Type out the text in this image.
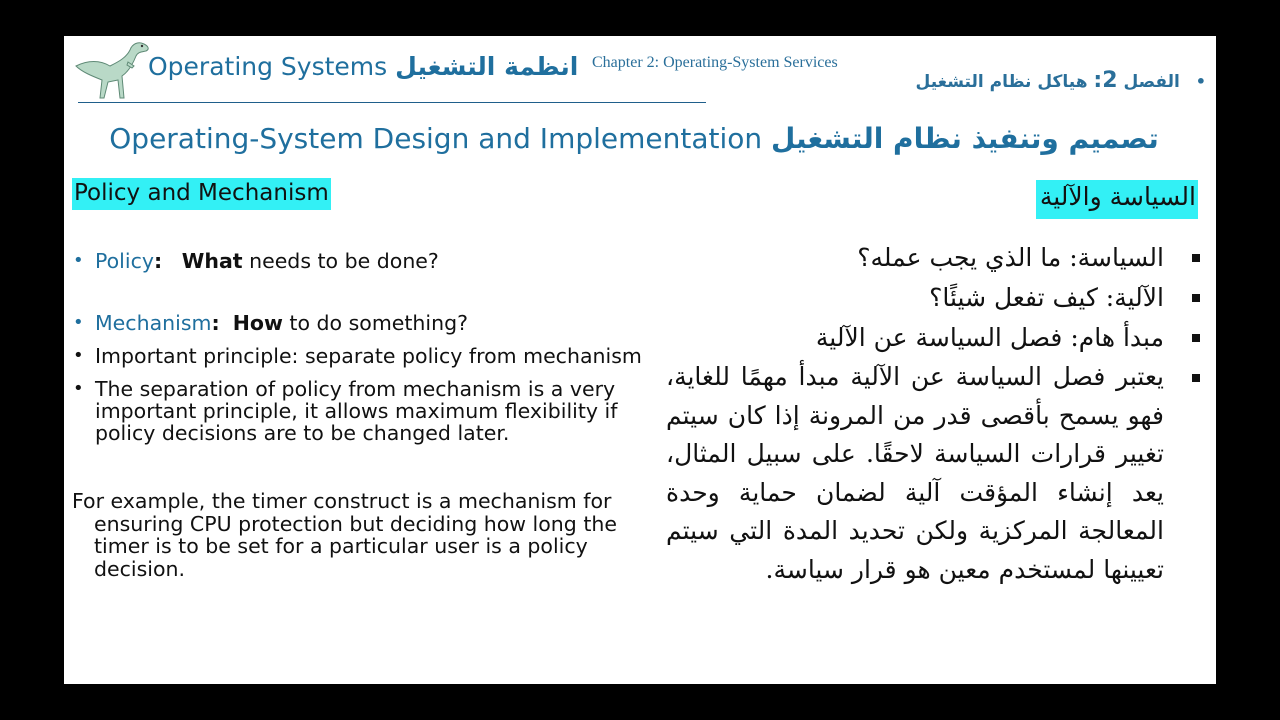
Operating Systems انظمة التشغيل Chapter 2: Operating-System Services
• الفصل 2: هياكل نظام التشغيل
Operating-System Design and Implementation تصميم وتنفيذ نظام التشغيل
Policy and Mechanism	السياسة والآلية
• Policy: What needs to be done?
• Mechanism: How to do something?
• Important principle: separate policy from mechanism
• The separation of policy from mechanism is a very important principle, it allows maximum flexibility if policy decisions are to be changed later.
For example, the timer construct is a mechanism for ensuring CPU protection but deciding how long the timer is to be set for a particular user is a policy decision.
السياسة: ما الذي يجب عمله؟
الآلية: كيف تفعل شيئًا؟
مبدأ هام: فصل السياسة عن الآلية
يعتبر فصل السياسة عن الآلية مبدأ مهمًا للغاية، فهو يسمح بأقصى قدر من المرونة إذا كان سيتم تغيير قرارات السياسة لاحقًا. على سبيل المثال، يعد إنشاء المؤقت آلية لضمان حماية وحدة المعالجة المركزية ولكن تحديد المدة التي سيتم تعيينها لمستخدم معين هو قرار سياسة.
